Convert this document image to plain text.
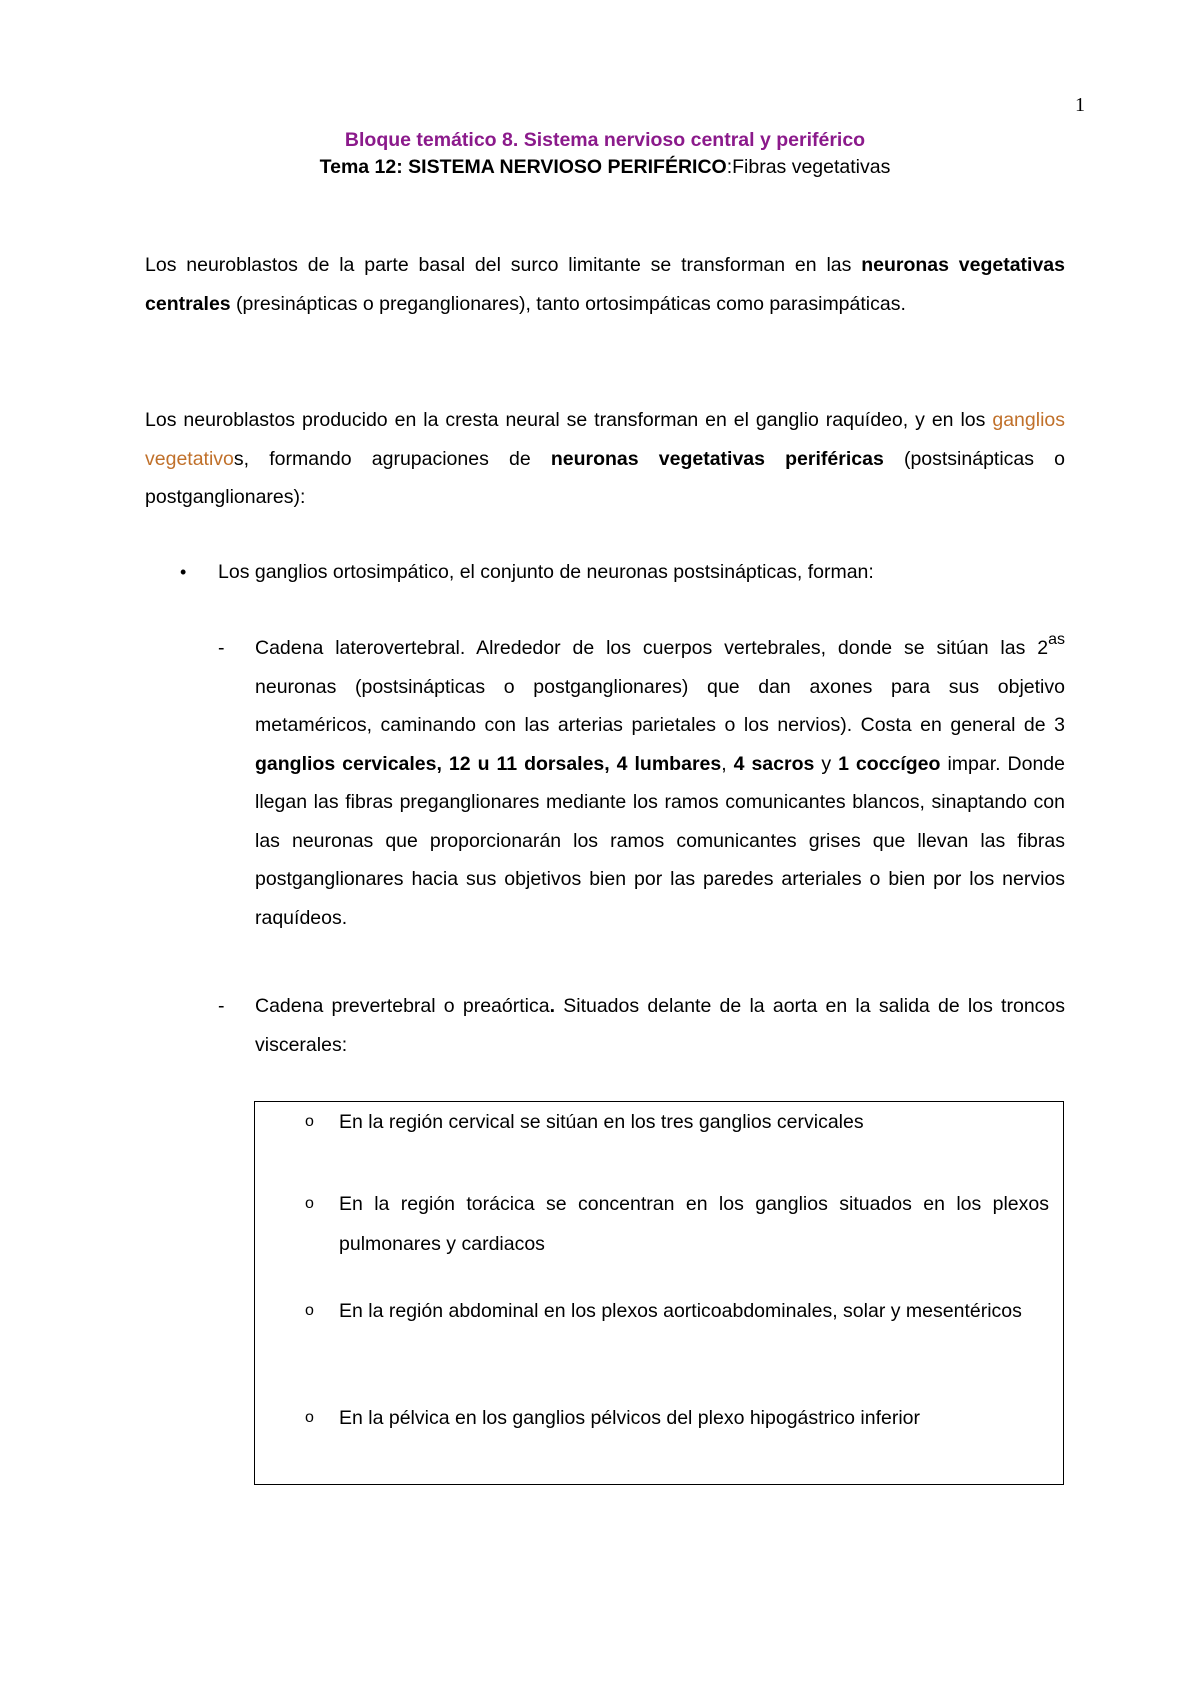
1
Bloque temático 8. Sistema nervioso central y periférico
Tema 12: SISTEMA NERVIOSO PERIFÉRICO:Fibras vegetativas
Los neuroblastos de la parte basal del surco limitante se transforman en las neuronas vegetativas centrales (presinápticas o preganglionares), tanto ortosimpáticas como parasimpáticas.
Los neuroblastos producido en la cresta neural se transforman en el ganglio raquídeo, y en los ganglios vegetativos, formando agrupaciones de neuronas vegetativas periféricas (postsinápticas o postganglionares):
• Los ganglios ortosimpático, el conjunto de neuronas postsinápticas, forman:
- Cadena laterovertebral. Alrededor de los cuerpos vertebrales, donde se sitúan las $2^{as}$ neuronas (postsinápticas o postganglionares) que dan axones para sus objetivo metaméricos, caminando con las arterias parietales o los nervios). Costa en general de 3 ganglios cervicales, 12 u 11 dorsales, 4 lumbares, 4 sacros y 1 coccígeo impar. Donde llegan las fibras preganglionares mediante los ramos comunicantes blancos, sinaptando con las neuronas que proporcionarán los ramos comunicantes grises que llevan las fibras postganglionares hacia sus objetivos bien por las paredes arteriales o bien por los nervios raquídeos.
- Cadena prevertebral o preaórtica. Situados delante de la aorta en la salida de los troncos viscerales:
o En la región cervical se sitúan en los tres ganglios cervicales
o En la región torácica se concentran en los ganglios situados en los plexos pulmonares y cardiacos
o En la región abdominal en los plexos aorticoabdominales, solar y mesentéricos
o En la pélvica en los ganglios pélvicos del plexo hipogástrico inferior
